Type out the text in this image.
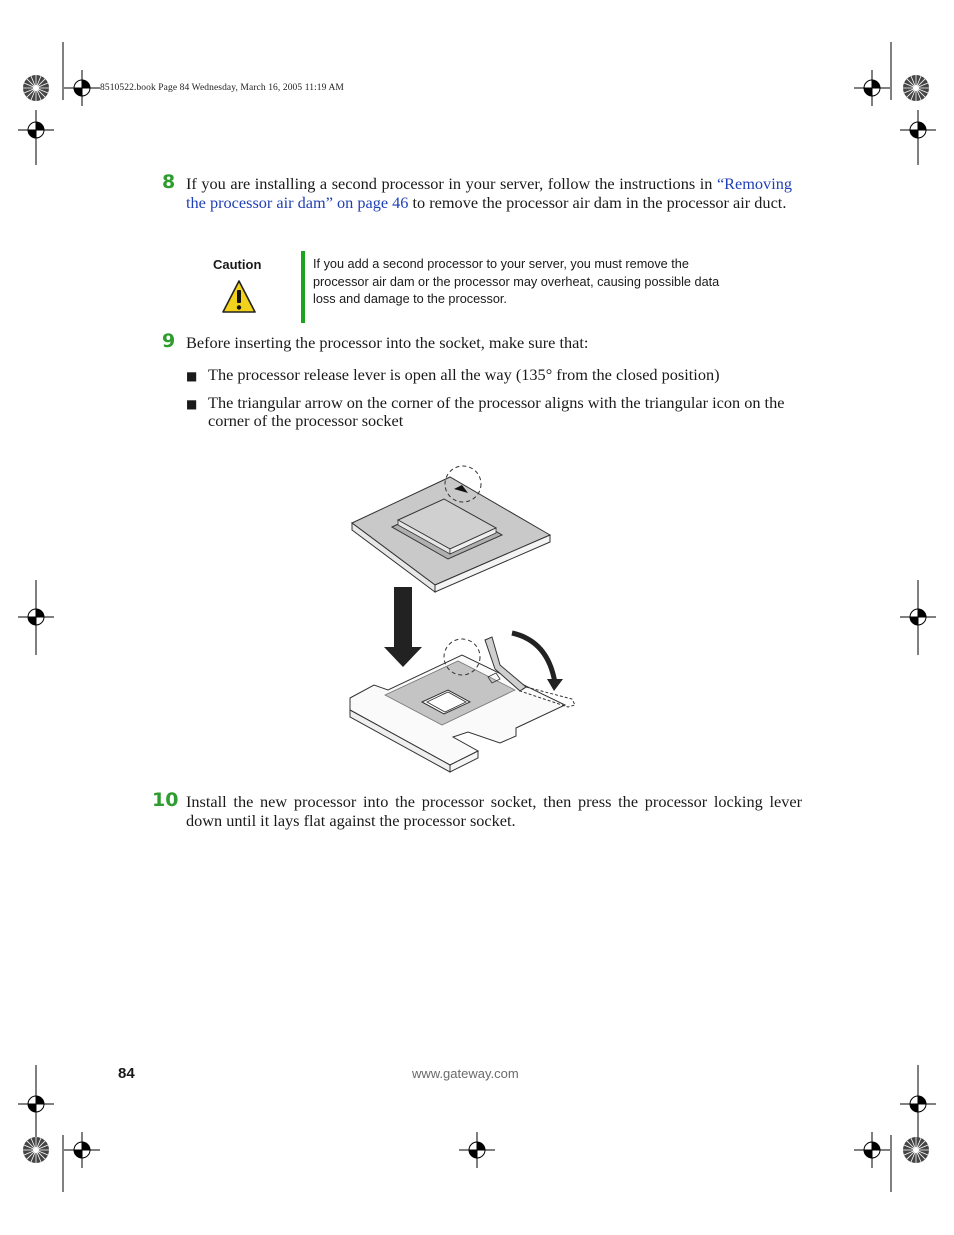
8510522.book Page 84 Wednesday, March 16, 2005 11:19 AM
8 If you are installing a second processor in your server, follow the instructions in “Removing the processor air dam” on page 46 to remove the processor air dam in the processor air duct.
Caution	If you add a second processor to your server, you must remove the processor air dam or the processor may overheat, causing possible data loss and damage to the processor.
9 Before inserting the processor into the socket, make sure that:
■ The processor release lever is open all the way (135° from the closed position)
■ The triangular arrow on the corner of the processor aligns with the triangular icon on the corner of the processor socket
10 Install the new processor into the processor socket, then press the processor locking lever down until it lays flat against the processor socket.
84	www.gateway.com
